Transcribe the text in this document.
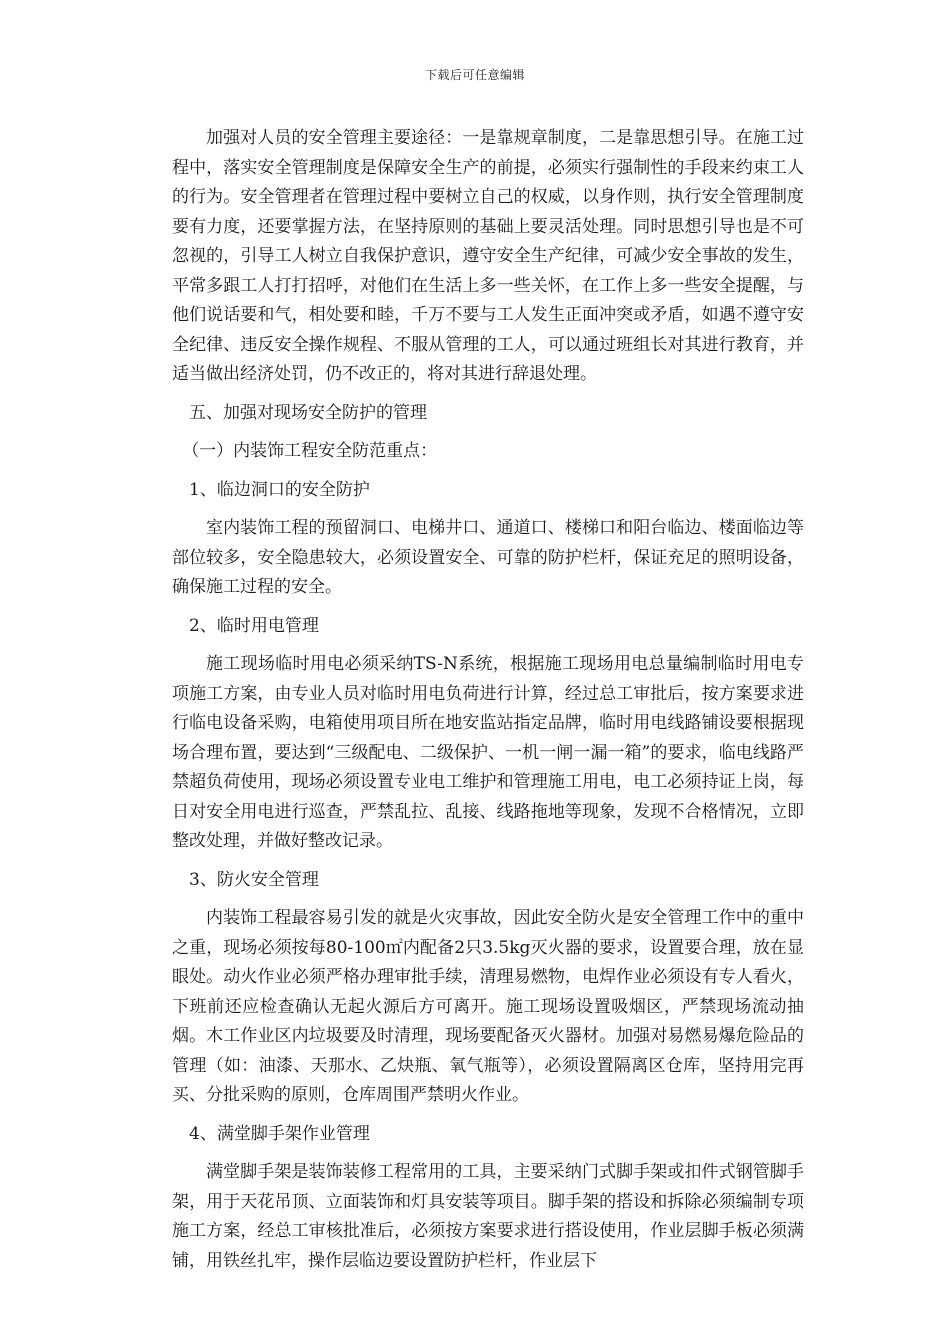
下载后可任意编辑

加强对人员的安全管理主要途径：一是靠规章制度，二是靠思想引导。在施工过程中，落实安全管理制度是保障安全生产的前提，必须实行强制性的手段来约束工人的行为。安全管理者在管理过程中要树立自己的权威，以身作则，执行安全管理制度要有力度，还要掌握方法，在坚持原则的基础上要灵活处理。同时思想引导也是不可忽视的，引导工人树立自我保护意识，遵守安全生产纪律，可减少安全事故的发生，平常多跟工人打打招呼，对他们在生活上多一些关怀，在工作上多一些安全提醒，与他们说话要和气，相处要和睦，千万不要与工人发生正面冲突或矛盾，如遇不遵守安全纪律、违反安全操作规程、不服从管理的工人，可以通过班组长对其进行教育，并适当做出经济处罚，仍不改正的，将对其进行辞退处理。

五、加强对现场安全防护的管理

（一）内装饰工程安全防范重点：

1、临边洞口的安全防护

室内装饰工程的预留洞口、电梯井口、通道口、楼梯口和阳台临边、楼面临边等部位较多，安全隐患较大，必须设置安全、可靠的防护栏杆，保证充足的照明设备，确保施工过程的安全。

2、临时用电管理

施工现场临时用电必须采纳TS-N系统，根据施工现场用电总量编制临时用电专项施工方案，由专业人员对临时用电负荷进行计算，经过总工审批后，按方案要求进行临电设备采购，电箱使用项目所在地安监站指定品牌，临时用电线路铺设要根据现场合理布置，要达到“三级配电、二级保护、一机一闸一漏一箱”的要求，临电线路严禁超负荷使用，现场必须设置专业电工维护和管理施工用电，电工必须持证上岗，每日对安全用电进行巡查，严禁乱拉、乱接、线路拖地等现象，发现不合格情况，立即整改处理，并做好整改记录。

3、防火安全管理

内装饰工程最容易引发的就是火灾事故，因此安全防火是安全管理工作中的重中之重，现场必须按每80-100㎡内配备2只3.5kg灭火器的要求，设置要合理，放在显眼处。动火作业必须严格办理审批手续，清理易燃物，电焊作业必须设有专人看火，下班前还应检查确认无起火源后方可离开。施工现场设置吸烟区，严禁现场流动抽烟。木工作业区内垃圾要及时清理，现场要配备灭火器材。加强对易燃易爆危险品的管理（如：油漆、天那水、乙炔瓶、氧气瓶等），必须设置隔离区仓库，坚持用完再买、分批采购的原则，仓库周围严禁明火作业。

4、满堂脚手架作业管理

满堂脚手架是装饰装修工程常用的工具，主要采纳门式脚手架或扣件式钢管脚手架，用于天花吊顶、立面装饰和灯具安装等项目。脚手架的搭设和拆除必须编制专项施工方案，经总工审核批准后，必须按方案要求进行搭设使用，作业层脚手板必须满铺，用铁丝扎牢，操作层临边要设置防护栏杆，作业层下
